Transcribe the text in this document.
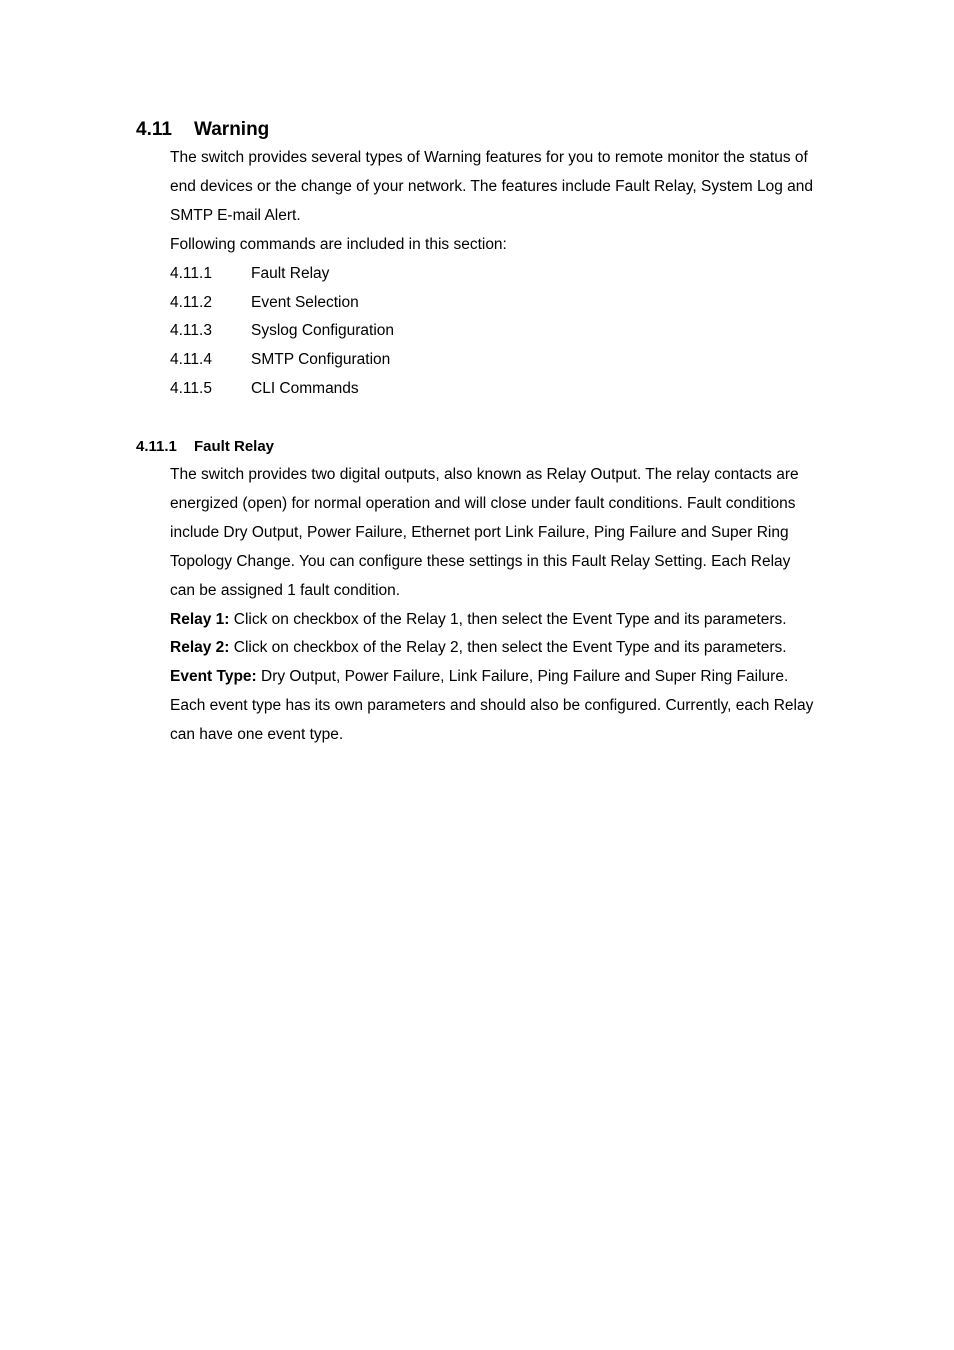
4.11 Warning

The switch provides several types of Warning features for you to remote monitor the status of end devices or the change of your network. The features include Fault Relay, System Log and SMTP E-mail Alert.

Following commands are included in this section:

4.11.1	Fault Relay
4.11.2	Event Selection
4.11.3	Syslog Configuration
4.11.4	SMTP Configuration
4.11.5	CLI Commands
4.11.1 Fault Relay

The switch provides two digital outputs, also known as Relay Output. The relay contacts are energized (open) for normal operation and will close under fault conditions. Fault conditions include Dry Output, Power Failure, Ethernet port Link Failure, Ping Failure and Super Ring Topology Change. You can configure these settings in this Fault Relay Setting. Each Relay can be assigned 1 fault condition.

Relay 1: Click on checkbox of the Relay 1, then select the Event Type and its parameters.

Relay 2: Click on checkbox of the Relay 2, then select the Event Type and its parameters.

Event Type: Dry Output, Power Failure, Link Failure, Ping Failure and Super Ring Failure. Each event type has its own parameters and should also be configured. Currently, each Relay can have one event type.
